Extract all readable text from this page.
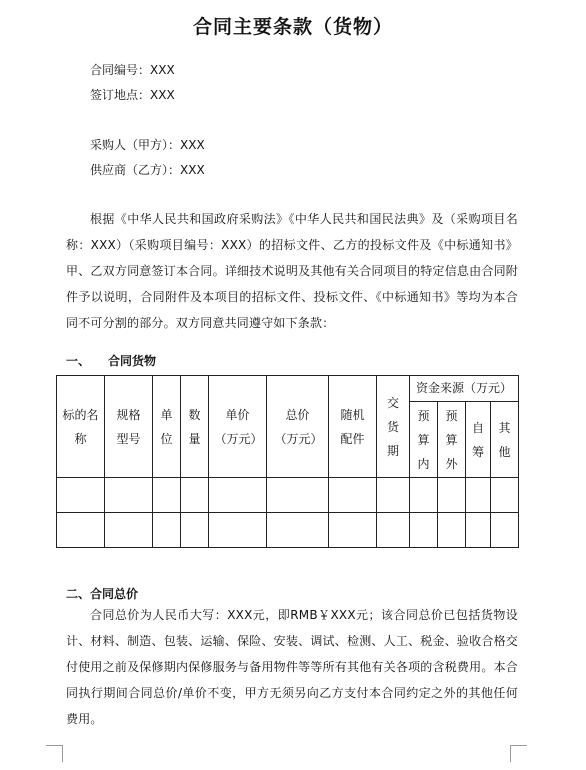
合同主要条款（货物）
合同编号：XXX
签订地点：XXX
采购人（甲方）：XXX
供应商（乙方）：XXX
根据《中华人民共和国政府采购法》《中华人民共和国民法典》及（采购项目名称：XXX）（采购项目编号：XXX）的招标文件、乙方的投标文件及《中标通知书》甲、乙双方同意签订本合同。详细技术说明及其他有关合同项目的特定信息由合同附件予以说明，合同附件及本项目的招标文件、投标文件、《中标通知书》等均为本合同不可分割的部分。双方同意共同遵守如下条款：
一、 合同货物
标的名称	规格型号	单位	数量	单价（万元）	总价（万元）	随机配件	交货期	资金来源（万元）			

								预算内	预算外	自筹	其他

二、合同总价
合同总价为人民币大写：XXX元，即RMB￥XXX元；该合同总价已包括货物设计、材料、制造、包装、运输、保险、安装、调试、检测、人工、税金、验收合格交付使用之前及保修期内保修服务与备用物件等等所有其他有关各项的含税费用。本合同执行期间合同总价/单价不变，甲方无须另向乙方支付本合同约定之外的其他任何费用。
